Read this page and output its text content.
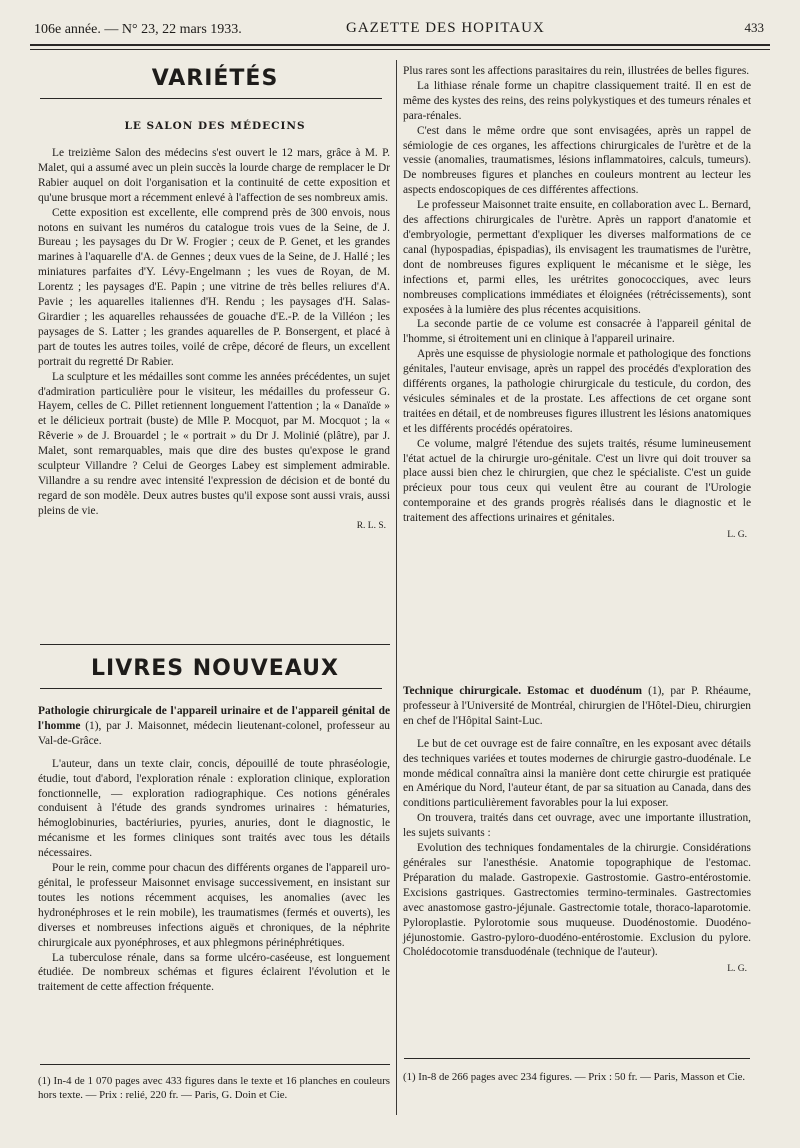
106e année. — N° 23, 22 mars 1933.	GAZETTE DES HOPITAUX	433
VARIÉTÉS
LE SALON DES MÉDECINS

Le treizième Salon des médecins s'est ouvert le 12 mars, grâce à M. P. Malet, qui a assumé avec un plein succès la lourde charge de remplacer le Dr Rabier auquel on doit l'organisation et la continuité de cette exposition et qu'une brusque mort a récemment enlevé à l'affection de ses nombreux amis.

Cette exposition est excellente, elle comprend près de 300 envois, nous notons en suivant les numéros du catalogue trois vues de la Seine, de J. Bureau ; les paysages du Dr W. Frogier ; ceux de P. Genet, et les grandes marines à l'aquarelle d'A. de Gennes ; deux vues de la Seine, de J. Hallé ; les miniatures parfaites d'Y. Lévy-Engelmann ; les vues de Royan, de M. Lorentz ; les paysages d'E. Papin ; une vitrine de très belles reliures d'A. Pavie ; les aquarelles italiennes d'H. Rendu ; les paysages d'H. Salas-Girardier ; les aquarelles rehaussées de gouache d'E.-P. de la Villéon ; les paysages de S. Latter ; les grandes aquarelles de P. Bonsergent, et placé à part de toutes les autres toiles, voilé de crêpe, décoré de fleurs, un excellent portrait du regretté Dr Rabier.

La sculpture et les médailles sont comme les années précédentes, un sujet d'admiration particulière pour le visiteur, les médailles du professeur G. Hayem, celles de C. Pillet retiennent longuement l'attention ; la « Danaïde » et le délicieux portrait (buste) de Mlle P. Mocquot, par M. Mocquot ; la « Rêverie » de J. Brouardel ; le « portrait » du Dr J. Molinié (plâtre), par J. Malet, sont remarquables, mais que dire des bustes qu'expose le grand sculpteur Villandre ? Celui de Georges Labey est simplement admirable. Villandre a su rendre avec intensité l'expression de décision et de bonté du regard de son modèle. Deux autres bustes qu'il expose sont aussi vrais, aussi pleins de vie.

R. L. S.
LIVRES NOUVEAUX

Pathologie chirurgicale de l'appareil urinaire et de l'appareil génital de l'homme (1), par J. Maisonnet, médecin lieutenant-colonel, professeur au Val-de-Grâce.

L'auteur, dans un texte clair, concis, dépouillé de toute phraséologie, étudie, tout d'abord, l'exploration rénale : exploration clinique, exploration fonctionnelle, — exploration radiographique. Ces notions générales conduisent à l'étude des grands syndromes urinaires : hématuries, hémoglobinuries, bactériuries, pyuries, anuries, dont le diagnostic, le mécanisme et les formes cliniques sont traités avec tous les détails nécessaires.

Pour le rein, comme pour chacun des différents organes de l'appareil uro-génital, le professeur Maisonnet envisage successivement, en insistant sur toutes les notions récemment acquises, les anomalies (avec les hydronéphroses et le rein mobile), les traumatismes (fermés et ouverts), les diverses et nombreuses infections aiguës et chroniques, de la néphrite chirurgicale aux pyonéphroses, et aux phlegmons périnéphrétiques.

La tuberculose rénale, dans sa forme ulcéro-caséeuse, est longuement étudiée. De nombreux schémas et figures éclairent l'évolution et le traitement de cette affection fréquente.

(1) In-4 de 1 070 pages avec 433 figures dans le texte et 16 planches en couleurs hors texte. — Prix : relié, 220 fr. — Paris, G. Doin et Cie.

Plus rares sont les affections parasitaires du rein, illustrées de belles figures.

La lithiase rénale forme un chapitre classiquement traité. Il en est de même des kystes des reins, des reins polykystiques et des tumeurs rénales et para-rénales.

C'est dans le même ordre que sont envisagées, après un rappel de sémiologie de ces organes, les affections chirurgicales de l'urètre et de la vessie (anomalies, traumatismes, lésions inflammatoires, calculs, tumeurs). De nombreuses figures et planches en couleurs montrent au lecteur les aspects endoscopiques de ces différentes affections.

Le professeur Maisonnet traite ensuite, en collaboration avec L. Bernard, des affections chirurgicales de l'urètre. Après un rapport d'anatomie et d'embryologie, permettant d'expliquer les diverses malformations de ce canal (hypospadias, épispadias), ils envisagent les traumatismes de l'urètre, dont de nombreuses figures expliquent le mécanisme et le siège, les infections et, parmi elles, les urétrites gonococciques, avec leurs nombreuses complications immédiates et éloignées (rétrécissements), sont exposées à la lumière des plus récentes acquisitions.

La seconde partie de ce volume est consacrée à l'appareil génital de l'homme, si étroitement uni en clinique à l'appareil urinaire.

Après une esquisse de physiologie normale et pathologique des fonctions génitales, l'auteur envisage, après un rappel des procédés d'exploration des différents organes, la pathologie chirurgicale du testicule, du cordon, des vésicules séminales et de la prostate. Les affections de cet organe sont traitées en détail, et de nombreuses figures illustrent les lésions anatomiques et les différents procédés opératoires.

Ce volume, malgré l'étendue des sujets traités, résume lumineusement l'état actuel de la chirurgie uro-génitale. C'est un livre qui doit trouver sa place aussi bien chez le chirurgien, que chez le spécialiste. C'est un guide précieux pour tous ceux qui veulent être au courant de l'Urologie contemporaine et des grands progrès réalisés dans le diagnostic et le traitement des affections urinaires et génitales.

L. G.

Technique chirurgicale. Estomac et duodénum (1), par P. Rhéaume, professeur à l'Université de Montréal, chirurgien de l'Hôtel-Dieu, chirurgien en chef de l'Hôpital Saint-Luc.

Le but de cet ouvrage est de faire connaître, en les exposant avec détails des techniques variées et toutes modernes de chirurgie gastro-duodénale. Le monde médical connaîtra ainsi la manière dont cette chirurgie est pratiquée en Amérique du Nord, l'auteur étant, de par sa situation au Canada, dans des conditions particulièrement favorables pour la lui exposer.

On trouvera, traités dans cet ouvrage, avec une importante illustration, les sujets suivants :

Evolution des techniques fondamentales de la chirurgie. Considérations générales sur l'anesthésie. Anatomie topographique de l'estomac. Préparation du malade. Gastropexie. Gastrostomie. Gastro-entérostomie. Excisions gastriques. Gastrectomies termino-terminales. Gastrectomies avec anastomose gastro-jéjunale. Gastrectomie totale, thoraco-laparotomie. Pyloroplastie. Pylorotomie sous muqueuse. Duodénostomie. Duodéno-jéjunostomie. Gastro-pyloro-duodéno-entérostomie. Exclusion du pylore. Cholédocotomie transduodénale (technique de l'auteur).

L. G.
(1) In-8 de 266 pages avec 234 figures. — Prix : 50 fr. — Paris, Masson et Cie.
